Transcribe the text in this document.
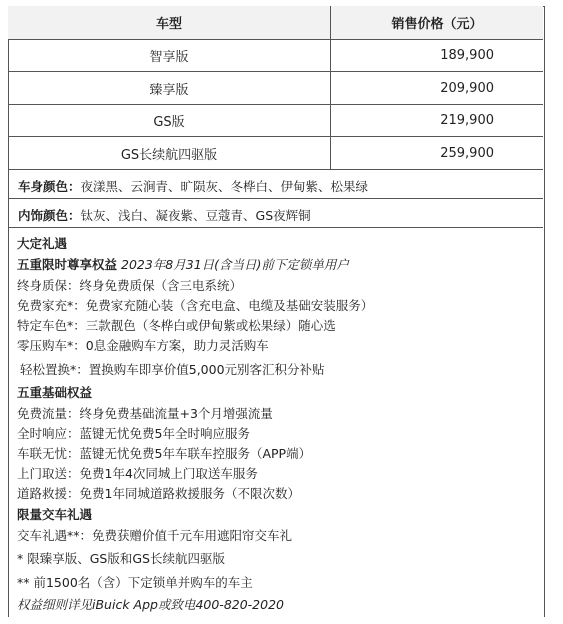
车型	销售价格（元）
智享版	189,900
臻享版	209,900
GS版	219,900
GS长续航四驱版	259,900
车身颜色：夜漾黑、云涧青、旷陨灰、冬桦白、伊甸紫、松果绿
内饰颜色：钛灰、浅白、凝夜紫、豆蔻青、GS夜辉铜
大定礼遇
五重限时尊享权益 2023年8月31日(含当日)前下定锁单用户
终身质保：终身免费质保（含三电系统）
免费家充*：免费家充随心装（含充电盒、电缆及基础安装服务）
特定车色*：三款靓色（冬桦白或伊甸紫或松果绿）随心选
零压购车*：0息金融购车方案，助力灵活购车
轻松置换*：置换购车即享价值5,000元别客汇积分补贴
五重基础权益
免费流量：终身免费基础流量+3个月增强流量
全时响应：蓝键无忧免费5年全时响应服务
车联无忧：蓝键无忧免费5年车联车控服务（APP端）
上门取送：免费1年4次同城上门取送车服务
道路救援：免费1年同城道路救援服务（不限次数）
限量交车礼遇
交车礼遇**：免费获赠价值千元车用遮阳帘交车礼
* 限臻享版、GS版和GS长续航四驱版
** 前1500名（含）下定锁单并购车的车主
权益细则详见iBuick App或致电400-820-2020
